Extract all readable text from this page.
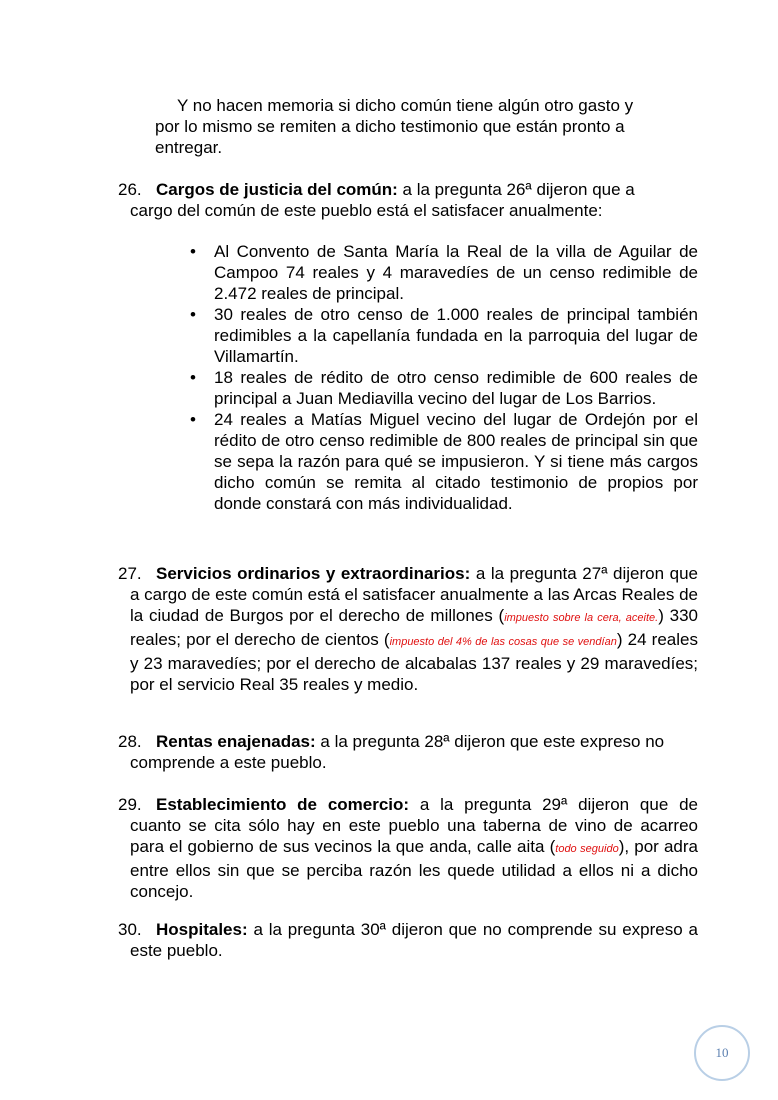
Y no hacen memoria si dicho común tiene algún otro gasto y
por lo mismo se remiten a dicho testimonio que están pronto a
entregar.
26. Cargos de justicia del común: a la pregunta 26ª dijeron que a
cargo del común de este pueblo está el satisfacer anualmente:
• Al Convento de Santa María la Real de la villa de Aguilar de Campoo 74 reales y 4 maravedíes de un censo redimible de 2.472 reales de principal.
• 30 reales de otro censo de 1.000 reales de principal también redimibles a la capellanía fundada en la parroquia del lugar de Villamartín.
• 18 reales de rédito de otro censo redimible de 600 reales de principal a Juan Mediavilla vecino del lugar de Los Barrios.
• 24 reales a Matías Miguel vecino del lugar de Ordejón por el rédito de otro censo redimible de 800 reales de principal sin que se sepa la razón para qué se impusieron. Y si tiene más cargos dicho común se remita al citado testimonio de propios por donde constará con más individualidad.
27. Servicios ordinarios y extraordinarios: a la pregunta 27ª dijeron que a cargo de este común está el satisfacer anualmente a las Arcas Reales de la ciudad de Burgos por el derecho de millones (impuesto sobre la cera, aceite.) 330 reales; por el derecho de cientos (impuesto del 4% de las cosas que se vendían) 24 reales y 23 maravedíes; por el derecho de alcabalas 137 reales y 29 maravedíes; por el servicio Real 35 reales y medio.
28. Rentas enajenadas: a la pregunta 28ª dijeron que este expreso no comprende a este pueblo.
29. Establecimiento de comercio: a la pregunta 29ª dijeron que de cuanto se cita sólo hay en este pueblo una taberna de vino de acarreo para el gobierno de sus vecinos la que anda, calle aita (todo seguido), por adra entre ellos sin que se perciba razón les quede utilidad a ellos ni a dicho concejo.
30. Hospitales: a la pregunta 30ª dijeron que no comprende su expreso a este pueblo.
10
